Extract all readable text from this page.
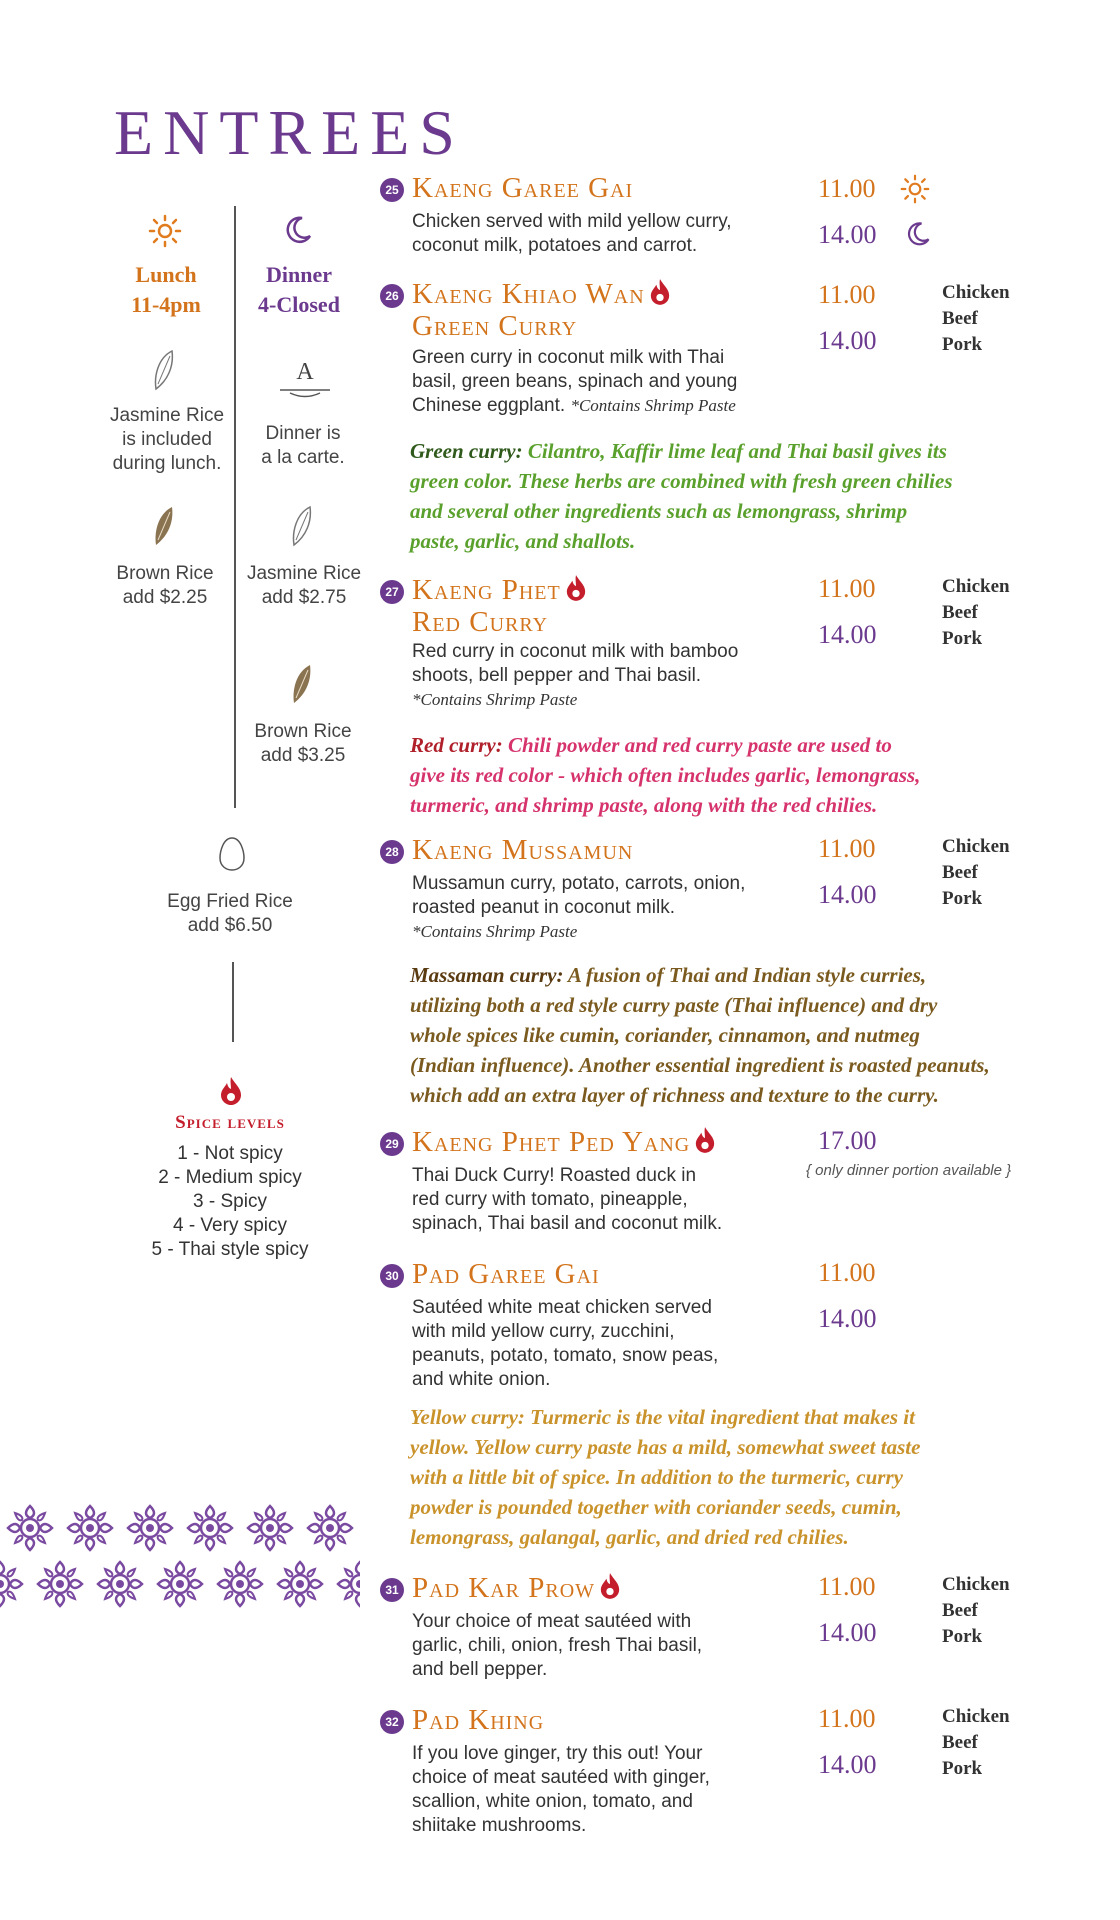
ENTREES
Lunch
11-4pm
Dinner
4-Closed
Jasmine Rice
is included
during lunch.
A
Dinner is
a la carte.
Brown Rice
add $2.25
Jasmine Rice
add $2.75
Brown Rice
add $3.25
Egg Fried Rice
add $6.50
Spice levels
1 - Not spicy
2 - Medium spicy
3 - Spicy
4 - Very spicy
5 - Thai style spicy
25 Kaeng Garee Gai
Chicken served with mild yellow curry,
coconut milk, potatoes and carrot.
11.00
14.00
26 Kaeng Khiao Wan
Green Curry
Green curry in coconut milk with Thai
basil, green beans, spinach and young
Chinese eggplant. *Contains Shrimp Paste
11.00
14.00
Chicken
Beef
Pork
Green curry: Cilantro, Kaffir lime leaf and Thai basil gives its
green color. These herbs are combined with fresh green chilies
and several other ingredients such as lemongrass, shrimp
paste, garlic, and shallots.
27 Kaeng Phet
Red Curry
Red curry in coconut milk with bamboo
shoots, bell pepper and Thai basil.
*Contains Shrimp Paste
11.00
14.00
Chicken
Beef
Pork
Red curry: Chili powder and red curry paste are used to
give its red color - which often includes garlic, lemongrass,
turmeric, and shrimp paste, along with the red chilies.
28 Kaeng Mussamun
Mussamun curry, potato, carrots, onion,
roasted peanut in coconut milk.
*Contains Shrimp Paste
11.00
14.00
Chicken
Beef
Pork
Massaman curry: A fusion of Thai and Indian style curries,
utilizing both a red style curry paste (Thai influence) and dry
whole spices like cumin, coriander, cinnamon, and nutmeg
(Indian influence). Another essential ingredient is roasted peanuts,
which add an extra layer of richness and texture to the curry.
29 Kaeng Phet Ped Yang
Thai Duck Curry! Roasted duck in
red curry with tomato, pineapple,
spinach, Thai basil and coconut milk.
17.00
{ only dinner portion available }
30 Pad Garee Gai
Sautéed white meat chicken served
with mild yellow curry, zucchini,
peanuts, potato, tomato, snow peas,
and white onion.
11.00
14.00
Yellow curry: Turmeric is the vital ingredient that makes it
yellow. Yellow curry paste has a mild, somewhat sweet taste
with a little bit of spice. In addition to the turmeric, curry
powder is pounded together with coriander seeds, cumin,
lemongrass, galangal, garlic, and dried red chilies.
31 Pad Kar Prow
Your choice of meat sautéed with
garlic, chili, onion, fresh Thai basil,
and bell pepper.
11.00
14.00
Chicken
Beef
Pork
32 Pad Khing
If you love ginger, try this out! Your
choice of meat sautéed with ginger,
scallion, white onion, tomato, and
shiitake mushrooms.
11.00
14.00
Chicken
Beef
Pork
